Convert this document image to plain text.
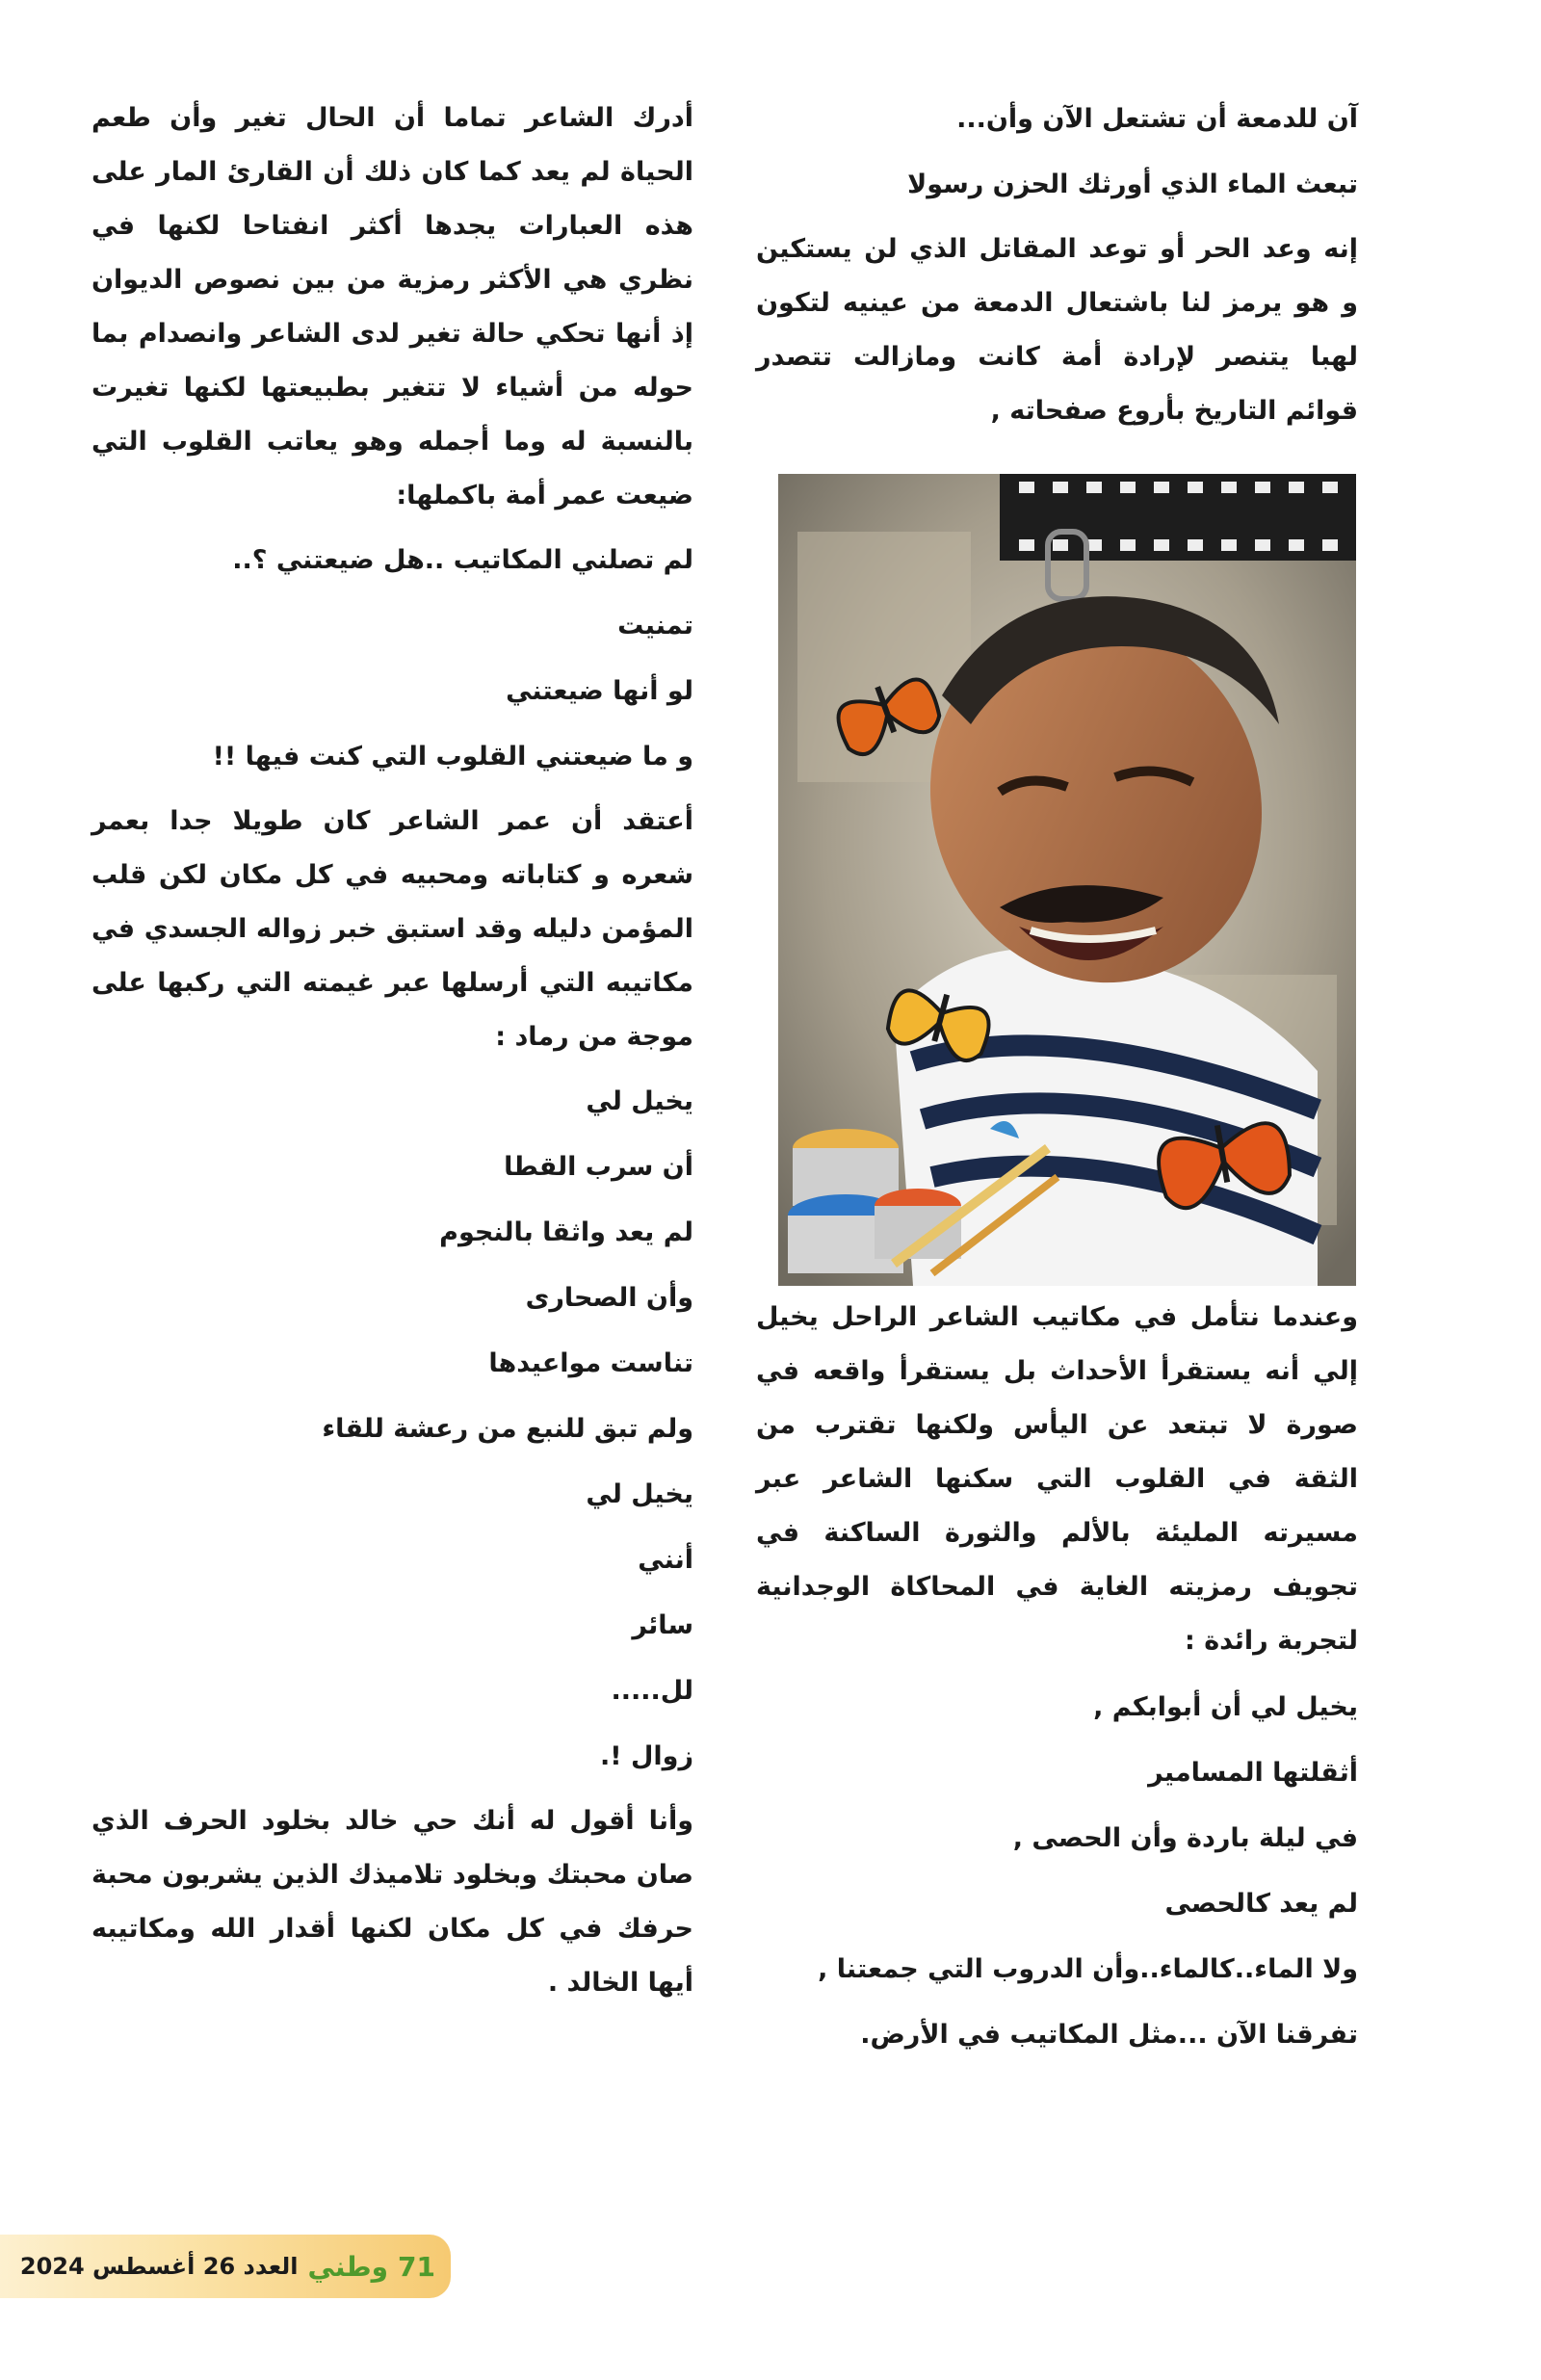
آن للدمعة أن تشتعل الآن وأن...

تبعث الماء الذي أورثك الحزن رسولا

إنه وعد الحر أو توعد المقاتل الذي لن يستكين و هو يرمز لنا باشتعال الدمعة من عينيه لتكون لهبا يتنصر لإرادة أمة كانت ومازالت تتصدر قوائم التاريخ بأروع صفحاته ,

وعندما نتأمل في مكاتيب الشاعر الراحل يخيل إلي أنه يستقرأ الأحداث بل يستقرأ واقعه في صورة لا تبتعد عن اليأس ولكنها تقترب من الثقة في القلوب التي سكنها الشاعر عبر مسيرته المليئة بالألم والثورة الساكنة في تجويف رمزيته الغاية في المحاكاة الوجدانية لتجربة رائدة :

يخيل لي أن أبوابكم ,

أثقلتها المسامير

في ليلة باردة وأن الحصى ,

لم يعد كالحصى

ولا الماء..كالماء..وأن الدروب التي جمعتنا ,

تفرقنا الآن ...مثل المكاتيب في الأرض.

أدرك الشاعر تماما أن الحال تغير وأن طعم الحياة لم يعد كما كان ذلك أن القارئ المار على هذه العبارات يجدها أكثر انفتاحا لكنها في نظري هي الأكثر رمزية من بين نصوص الديوان إذ أنها تحكي حالة تغير لدى الشاعر وانصدام بما حوله من أشياء لا تتغير بطبيعتها لكنها تغيرت بالنسبة له وما أجمله وهو يعاتب القلوب التي ضيعت عمر أمة باكملها:

لم تصلني المكاتيب ..هل ضيعتني ؟..

تمنيت

لو أنها ضيعتني

و ما ضيعتني القلوب التي كنت فيها !!

أعتقد أن عمر الشاعر كان طويلا جدا بعمر شعره و كتاباته ومحبيه في كل مكان لكن قلب المؤمن دليله وقد استبق خبر زواله الجسدي في مكاتيبه التي أرسلها عبر غيمته التي ركبها على موجة من رماد :

يخيل لي

أن سرب القطا

لم يعد واثقا بالنجوم

وأن الصحارى

تناست مواعيدها

ولم تبق للنبع من رعشة للقاء

يخيل لي

أنني

سائر

لل.....

زوال !.

وأنا أقول له أنك حي خالد بخلود الحرف الذي صان محبتك وبخلود تلاميذك الذين يشربون محبة حرفك في كل مكان لكنها أقدار الله ومكاتيبه أيها الخالد .

71
وطني
العدد 26 أغسطس 2024
